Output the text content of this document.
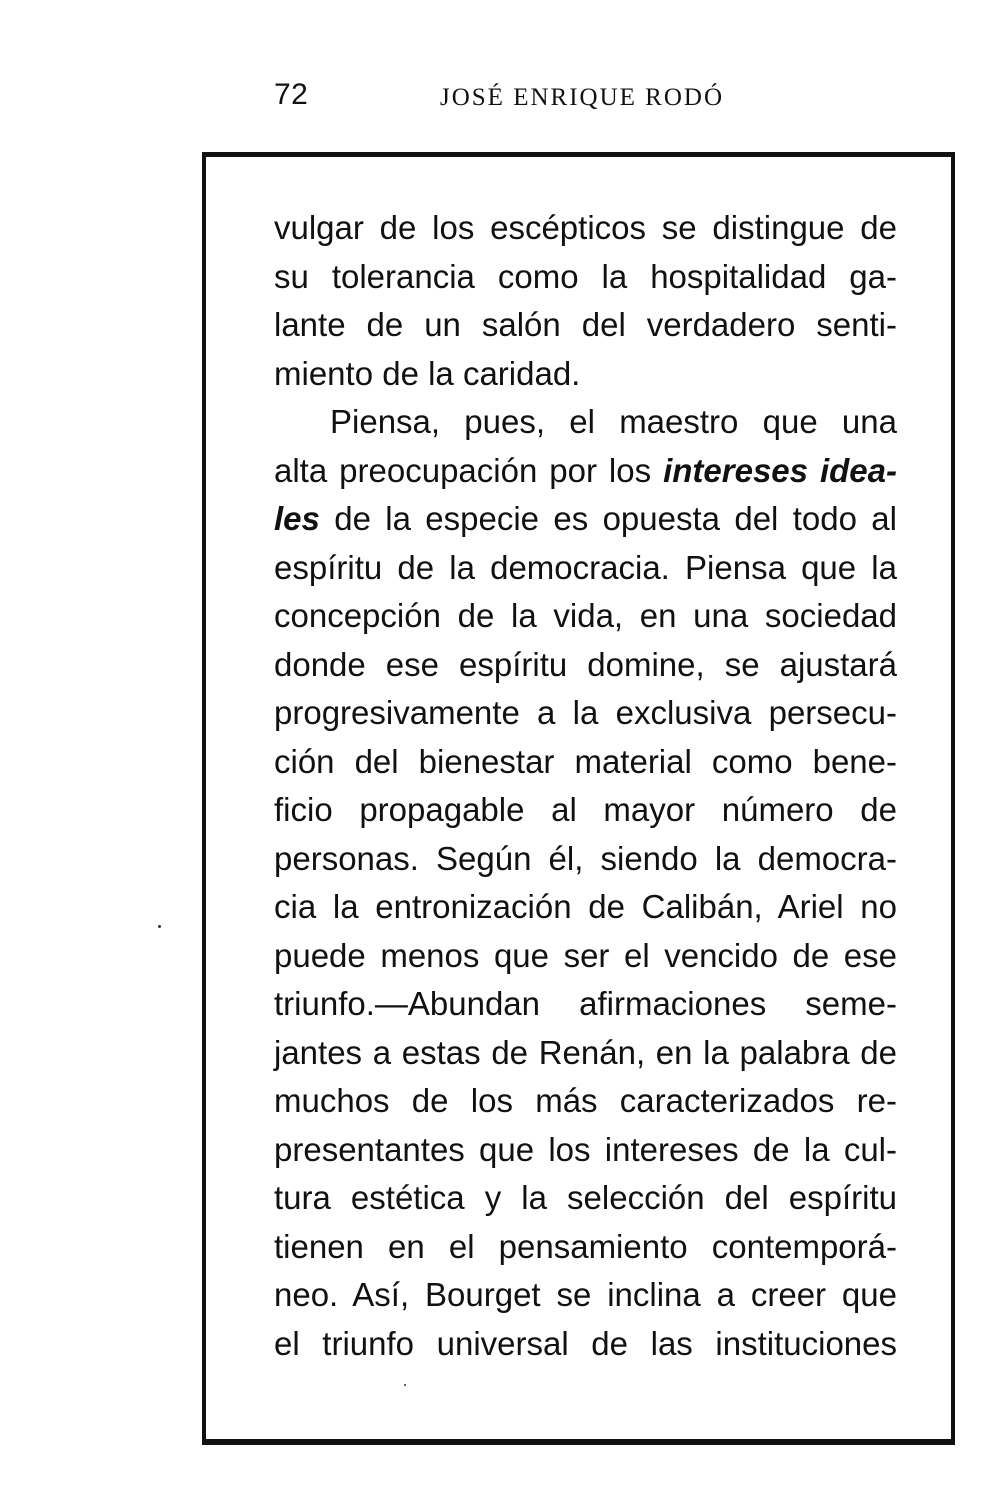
72	JOSÉ ENRIQUE RODÓ
vulgar de los escépticos se distingue de
su tolerancia como la hospitalidad ga-
lante de un salón del verdadero senti-
miento de la caridad.
Piensa, pues, el maestro que una
alta preocupación por los intereses idea-
les de la especie es opuesta del todo al
espíritu de la democracia. Piensa que la
concepción de la vida, en una sociedad
donde ese espíritu domine, se ajustará
progresivamente a la exclusiva persecu-
ción del bienestar material como bene-
ficio propagable al mayor número de
personas. Según él, siendo la democra-
cia la entronización de Calibán, Ariel no
puede menos que ser el vencido de ese
triunfo.—Abundan afirmaciones seme-
jantes a estas de Renán, en la palabra de
muchos de los más caracterizados re-
presentantes que los intereses de la cul-
tura estética y la selección del espíritu
tienen en el pensamiento contemporá-
neo. Así, Bourget se inclina a creer que
el triunfo universal de las instituciones
